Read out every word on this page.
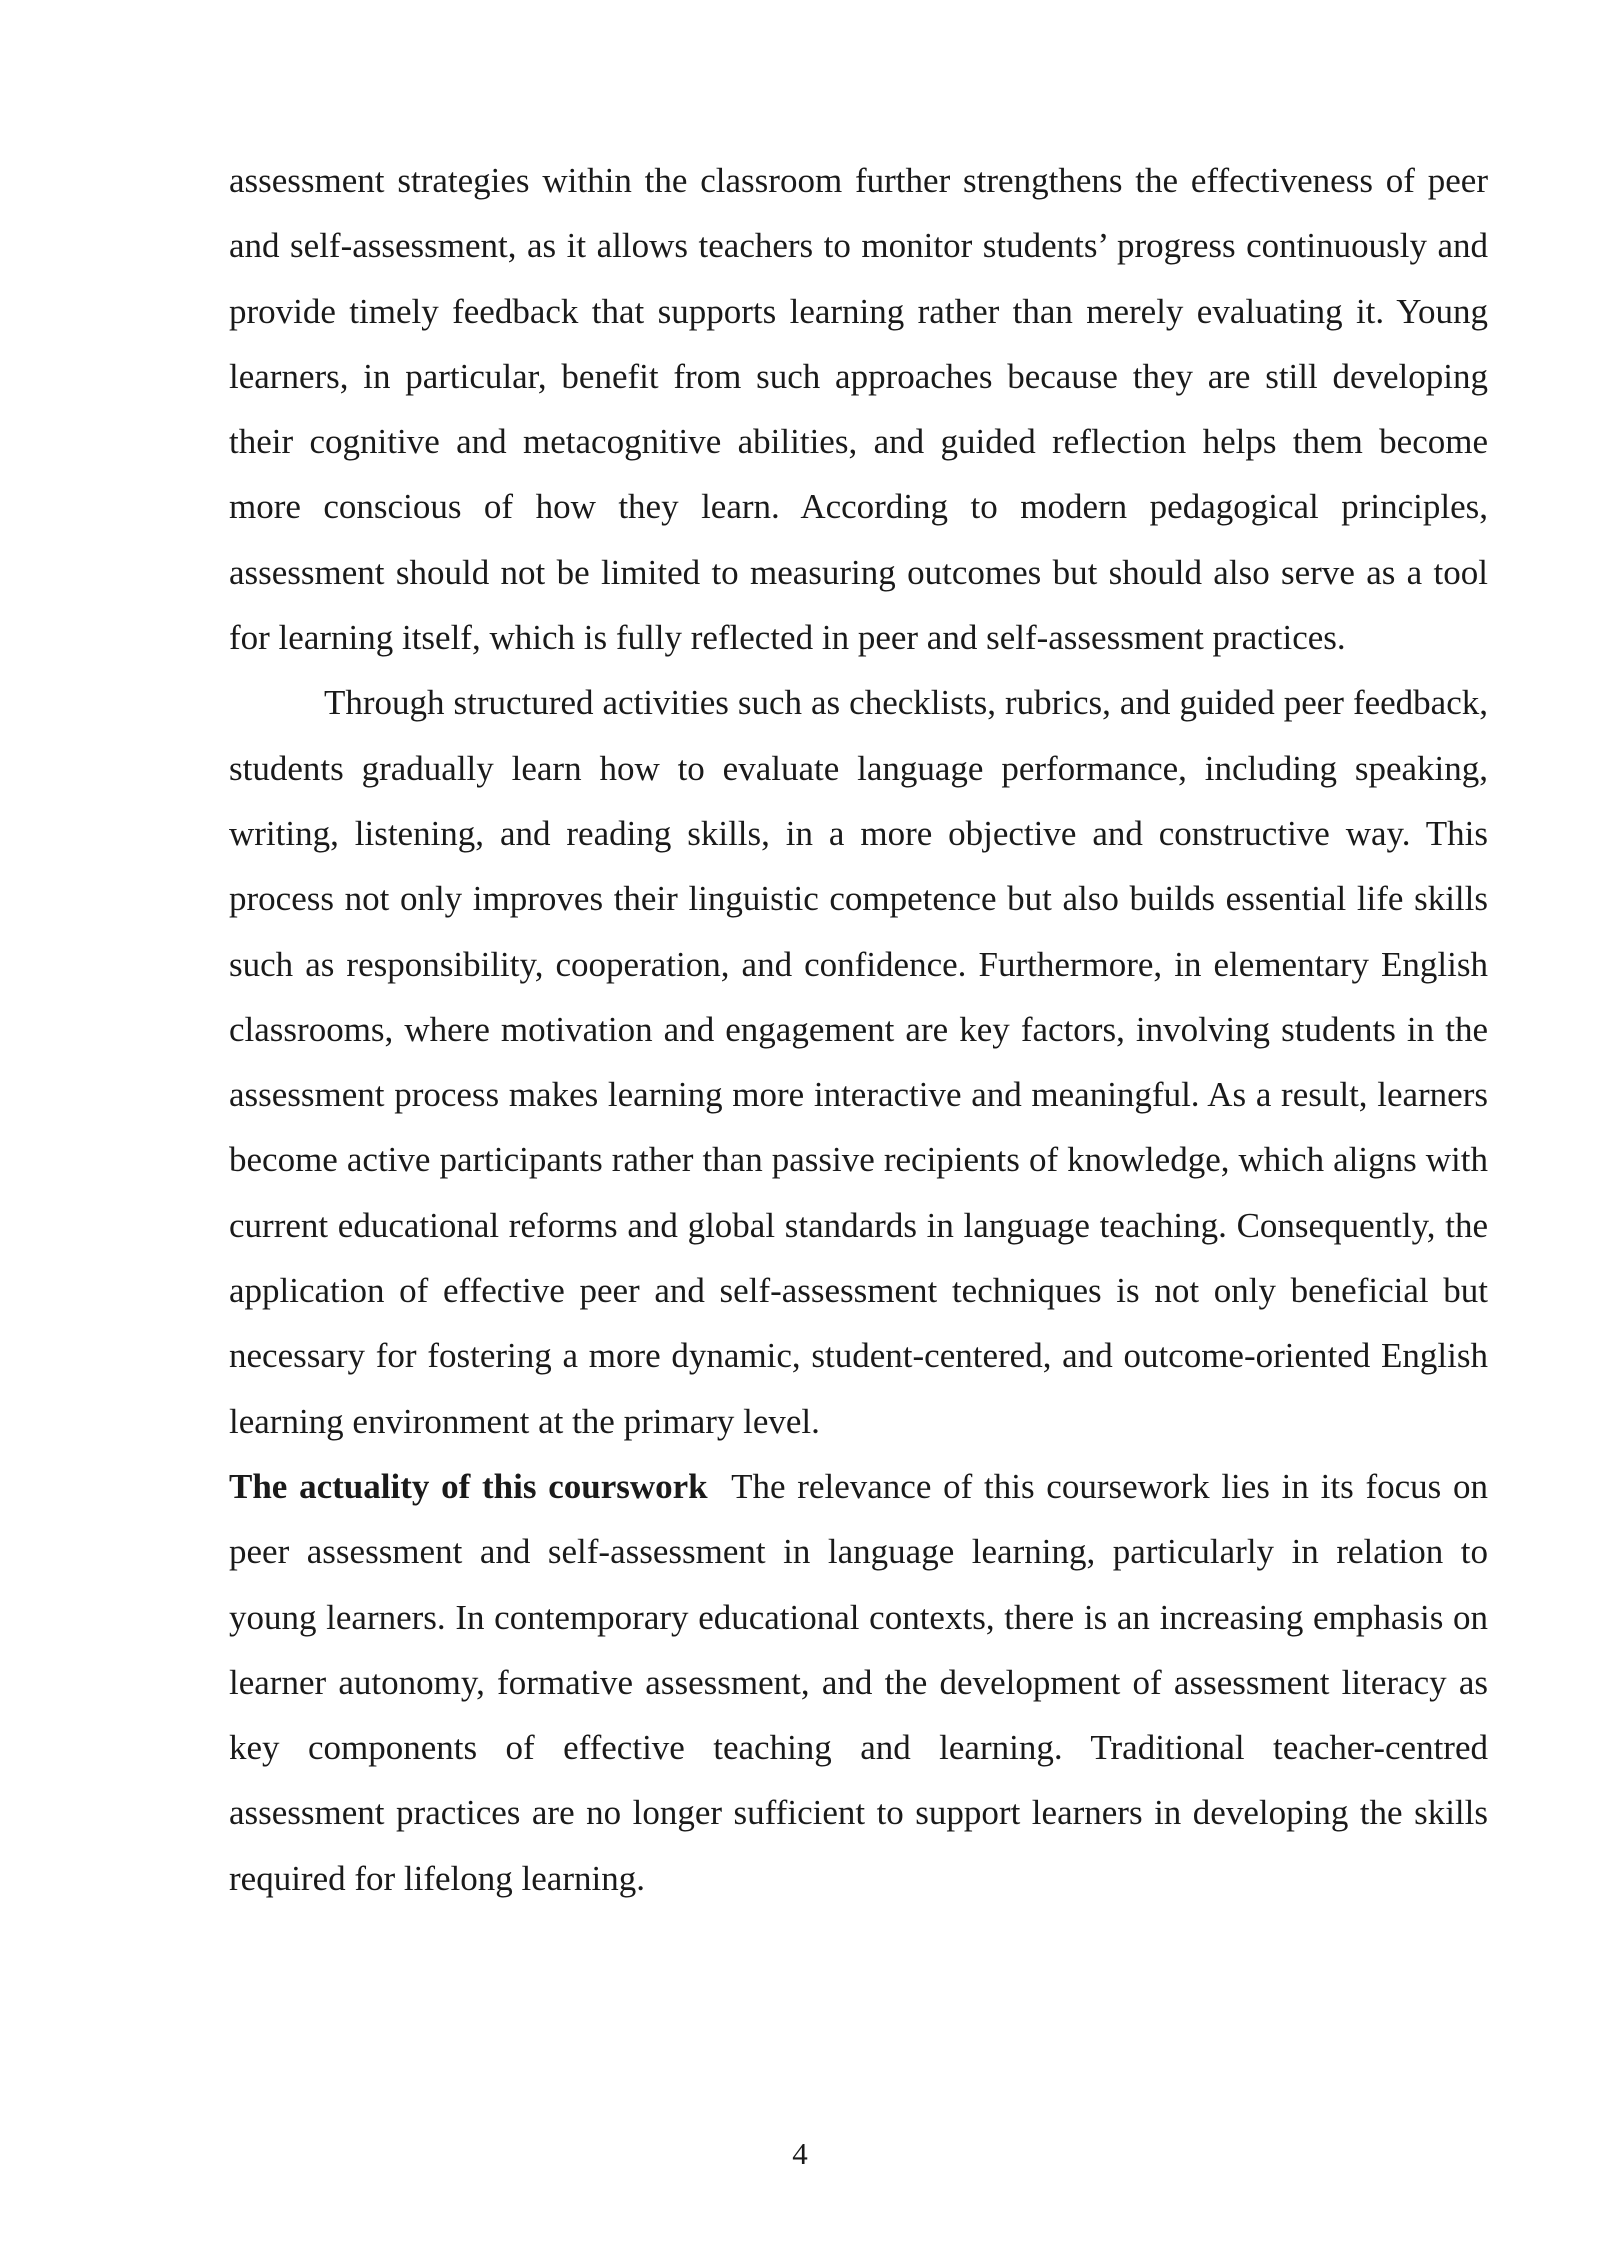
assessment strategies within the classroom further strengthens the effectiveness of peer and self-assessment, as it allows teachers to monitor students’ progress continuously and provide timely feedback that supports learning rather than merely evaluating it. Young learners, in particular, benefit from such approaches because they are still developing their cognitive and metacognitive abilities, and guided reflection helps them become more conscious of how they learn. According to modern pedagogical principles, assessment should not be limited to measuring outcomes but should also serve as a tool for learning itself, which is fully reflected in peer and self-assessment practices.

Through structured activities such as checklists, rubrics, and guided peer feedback, students gradually learn how to evaluate language performance, including speaking, writing, listening, and reading skills, in a more objective and constructive way. This process not only improves their linguistic competence but also builds essential life skills such as responsibility, cooperation, and confidence. Furthermore, in elementary English classrooms, where motivation and engagement are key factors, involving students in the assessment process makes learning more interactive and meaningful. As a result, learners become active participants rather than passive recipients of knowledge, which aligns with current educational reforms and global standards in language teaching. Consequently, the application of effective peer and self-assessment techniques is not only beneficial but necessary for fostering a more dynamic, student-centered, and outcome-oriented English learning environment at the primary level.

The actuality of this courswork The relevance of this coursework lies in its focus on peer assessment and self-assessment in language learning, particularly in relation to young learners. In contemporary educational contexts, there is an increasing emphasis on learner autonomy, formative assessment, and the development of assessment literacy as key components of effective teaching and learning. Traditional teacher-centred assessment practices are no longer sufficient to support learners in developing the skills required for lifelong learning.

4
